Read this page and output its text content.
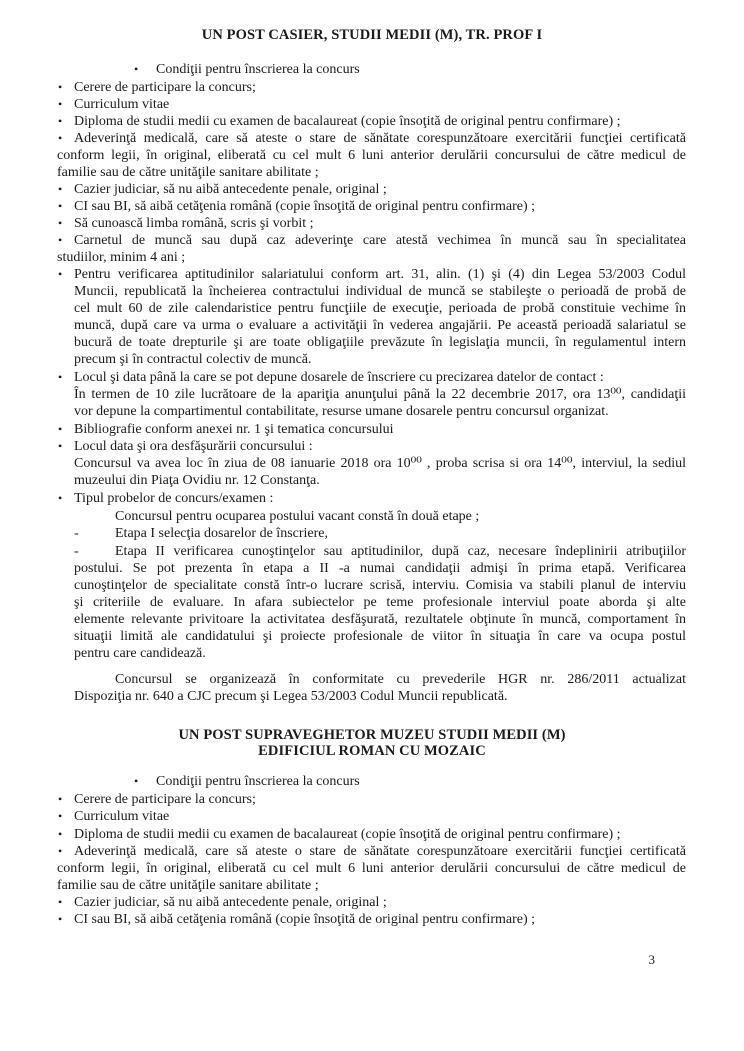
UN POST CASIER, STUDII MEDII (M), TR. PROF I
• Condiţii pentru înscrierea la concurs
• Cerere de participare la concurs;
• Curriculum vitae
• Diploma de studii medii cu examen de bacalaureat (copie însoţită de original pentru confirmare) ;
• Adeverinţă medicală, care să ateste o stare de sănătate corespunzătoare exercitării funcţiei certificată
conform legii, în original, eliberată cu cel mult 6 luni anterior derulării concursului de către medicul de
familie sau de către unităţile sanitare abilitate ;
• Cazier judiciar, să nu aibă antecedente penale, original ;
• CI sau BI, să aibă cetăţenia română (copie însoţită de original pentru confirmare) ;
• Să cunoască limba română, scris şi vorbit ;
• Carnetul de muncă sau după caz adeverinţe care atestă vechimea în muncă sau în specialitatea
studiilor, minim 4 ani ;
• Pentru verificarea aptitudinilor salariatului conform art. 31, alin. (1) şi (4) din Legea 53/2003 Codul
Muncii, republicată la încheierea contractului individual de muncă se stabileşte o perioadă de probă de
cel mult 60 de zile calendaristice pentru funcţiile de execuţie, perioada de probă constituie vechime în
muncă, după care va urma o evaluare a activităţii în vederea angajării. Pe această perioadă salariatul se
bucură de toate drepturile şi are toate obligaţiile prevăzute în legislaţia muncii, în regulamentul intern
precum şi în contractul colectiv de muncă.
• Locul şi data până la care se pot depune dosarele de înscriere cu precizarea datelor de contact :
În termen de 10 zile lucrătoare de la apariţia anunţului până la 22 decembrie 2017, ora 13⁰⁰, candidaţii
vor depune la compartimentul contabilitate, resurse umane dosarele pentru concursul organizat.
• Bibliografie conform anexei nr. 1 şi tematica concursului
• Locul data şi ora desfăşurării concursului :
Concursul va avea loc în ziua de 08 ianuarie 2018 ora 10⁰⁰ , proba scrisa si ora 14⁰⁰, interviul, la sediul
muzeului din Piaţa Ovidiu nr. 12 Constanţa.
• Tipul probelor de concurs/examen :
Concursul pentru ocuparea postului vacant constă în două etape ;
-	Etapa I selecţia dosarelor de înscriere,
-	Etapa II verificarea cunoştinţelor sau aptitudinilor, după caz, necesare îndeplinirii atribuţiilor
postului. Se pot prezenta în etapa a II -a numai candidaţii admişi în prima etapă. Verificarea
cunoştinţelor de specialitate constă într-o lucrare scrisă, interviu. Comisia va stabili planul de interviu
şi criteriile de evaluare. In afara subiectelor pe teme profesionale interviul poate aborda şi alte
elemente relevante privitoare la activitatea desfăşurată, rezultatele obţinute în muncă, comportament în
situaţii limită ale candidatului şi proiecte profesionale de viitor în situaţia în care va ocupa postul
pentru care candidează.
Concursul se organizează în conformitate cu prevederile HGR nr. 286/2011 actualizat
Dispoziţia nr. 640 a CJC precum şi Legea 53/2003 Codul Muncii republicată.
UN POST SUPRAVEGHETOR MUZEU STUDII MEDII (M)
EDIFICIUL ROMAN CU MOZAIC
• Condiţii pentru înscrierea la concurs
• Cerere de participare la concurs;
• Curriculum vitae
• Diploma de studii medii cu examen de bacalaureat (copie însoţită de original pentru confirmare) ;
• Adeverinţă medicală, care să ateste o stare de sănătate corespunzătoare exercitării funcţiei certificată
conform legii, în original, eliberată cu cel mult 6 luni anterior derulării concursului de către medicul de
familie sau de către unităţile sanitare abilitate ;
• Cazier judiciar, să nu aibă antecedente penale, original ;
• CI sau BI, să aibă cetăţenia română (copie însoţită de original pentru confirmare) ;
3
